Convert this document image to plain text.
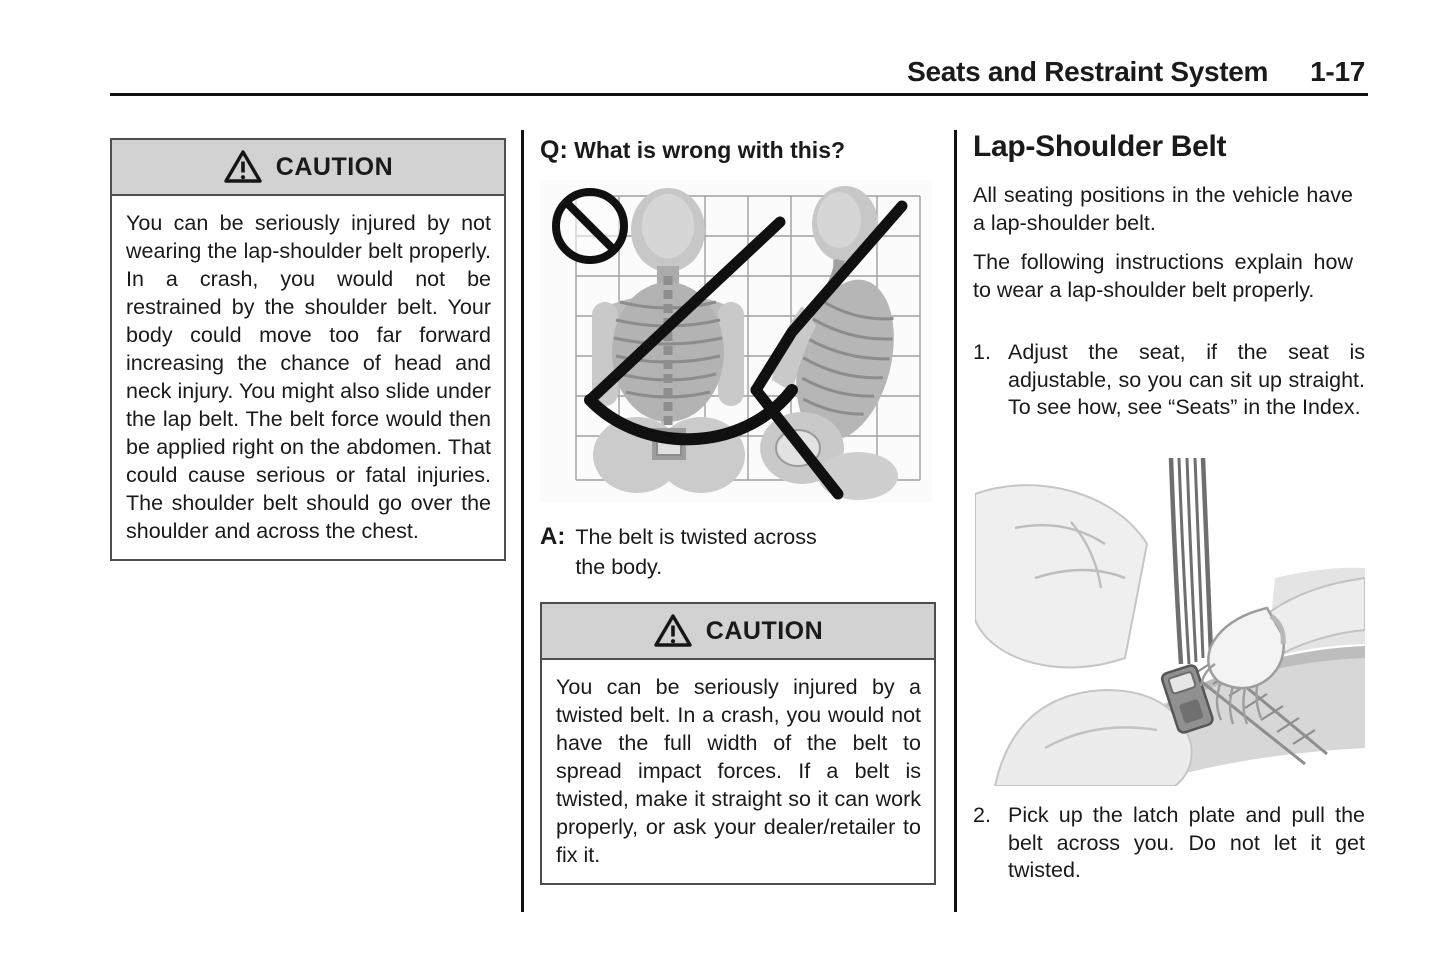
Seats and Restraint System 1-17
CAUTION
You can be seriously injured by not wearing the lap-shoulder belt properly. In a crash, you would not be restrained by the shoulder belt. Your body could move too far forward increasing the chance of head and neck injury. You might also slide under the lap belt. The belt force would then be applied right on the abdomen. That could cause serious or fatal injuries. The shoulder belt should go over the shoulder and across the chest.
Q: What is wrong with this?
A: The belt is twisted across the body.
CAUTION
You can be seriously injured by a twisted belt. In a crash, you would not have the full width of the belt to spread impact forces. If a belt is twisted, make it straight so it can work properly, or ask your dealer/retailer to fix it.
Lap-Shoulder Belt
All seating positions in the vehicle have a lap-shoulder belt.
The following instructions explain how to wear a lap-shoulder belt properly.
1. Adjust the seat, if the seat is adjustable, so you can sit up straight. To see how, see “Seats” in the Index.
2. Pick up the latch plate and pull the belt across you. Do not let it get twisted.
